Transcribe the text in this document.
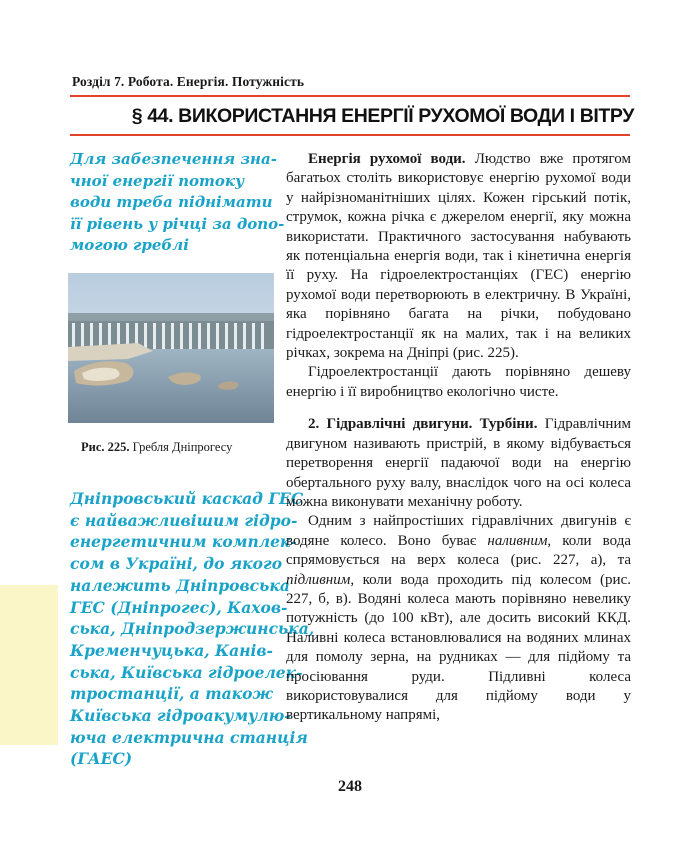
Розділ 7. Робота. Енергія. Потужність
§ 44. ВИКОРИСТАННЯ ЕНЕРГІЇ РУХОМОЇ ВОДИ І ВІТРУ
Для забезпечення зна-
чної енергії потоку
води треба піднімати
її рівень у річці за допо-
могою греблі
Рис. 225. Гребля Дніпрогесу
Дніпровський каскад ГЕС
є найважливішим гідро-
енергетичним комплек-
сом в Україні, до якого
належить Дніпровська
ГЕС (Дніпрогес), Кахов-
ська, Дніпродзержинська,
Кременчуцька, Канів-
ська, Київська гідроелек-
тростанції, а також
Київська гідроакумулю-
юча електрична станція
(ГАЕС)

Енергія рухомої води. Людство вже протягом багатьох століть використовує енергію рухомої води у найрізноманітніших цілях. Кожен гірський потік, струмок, кожна річка є джерелом енергії, яку можна використати. Практичного застосування набувають як потенціальна енергія води, так і кінетична енергія її руху. На гідроелектростанціях (ГЕС) енергію рухомої води перетворюють в електричну. В Україні, яка порівняно багата на річки, побудовано гідроелектростанції як на малих, так і на великих річках, зокрема на Дніпрі (рис. 225).

Гідроелектростанції дають порівняно дешеву енергію і її виробництво екологічно чисте.

2. Гідравлічні двигуни. Турбіни. Гідравлічним двигуном називають пристрій, в якому відбувається перетворення енергії падаючої води на енергію обертального руху валу, внаслідок чого на осі колеса можна виконувати механічну роботу.

Одним з найпростіших гідравлічних двигунів є водяне колесо. Воно буває наливним, коли вода спрямовується на верх колеса (рис. 227, а), та підливним, коли вода проходить під колесом (рис. 227, б, в). Водяні колеса мають порівняно невелику потужність (до 100 кВт), але досить високий ККД. Наливні колеса встановлювалися на водяних млинах для помолу зерна, на рудниках — для підйому та просіювання руди. Підливні колеса використовувалися для підйому води у вертикальному напрямі,

248
